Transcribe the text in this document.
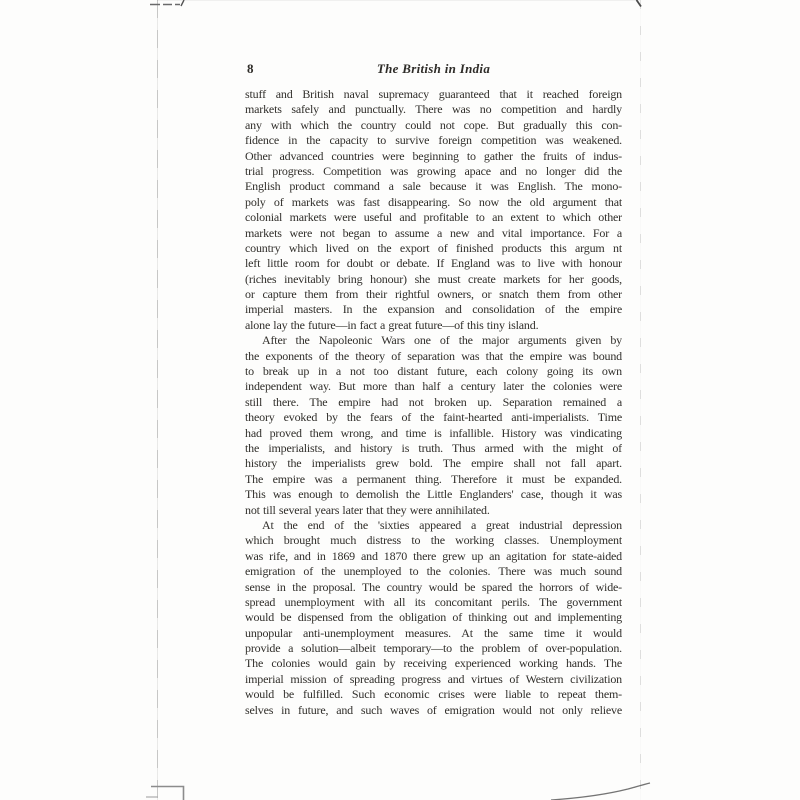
8	The British in India
stuff and British naval supremacy guaranteed that it reached foreign
markets safely and punctually. There was no competition and hardly
any with which the country could not cope. But gradually this con-
fidence in the capacity to survive foreign competition was weakened.
Other advanced countries were beginning to gather the fruits of indus-
trial progress. Competition was growing apace and no longer did the
English product command a sale because it was English. The mono-
poly of markets was fast disappearing. So now the old argument that
colonial markets were useful and profitable to an extent to which other
markets were not began to assume a new and vital importance. For a
country which lived on the export of finished products this argum nt
left little room for doubt or debate. If England was to live with honour
(riches inevitably bring honour) she must create markets for her goods,
or capture them from their rightful owners, or snatch them from other
imperial masters. In the expansion and consolidation of the empire
alone lay the future—in fact a great future—of this tiny island.
After the Napoleonic Wars one of the major arguments given by
the exponents of the theory of separation was that the empire was bound
to break up in a not too distant future, each colony going its own
independent way. But more than half a century later the colonies were
still there. The empire had not broken up. Separation remained a
theory evoked by the fears of the faint-hearted anti-imperialists. Time
had proved them wrong, and time is infallible. History was vindicating
the imperialists, and history is truth. Thus armed with the might of
history the imperialists grew bold. The empire shall not fall apart.
The empire was a permanent thing. Therefore it must be expanded.
This was enough to demolish the Little Englanders' case, though it was
not till several years later that they were annihilated.
At the end of the 'sixties appeared a great industrial depression
which brought much distress to the working classes. Unemployment
was rife, and in 1869 and 1870 there grew up an agitation for state-aided
emigration of the unemployed to the colonies. There was much sound
sense in the proposal. The country would be spared the horrors of wide-
spread unemployment with all its concomitant perils. The government
would be dispensed from the obligation of thinking out and implementing
unpopular anti-unemployment measures. At the same time it would
provide a solution—albeit temporary—to the problem of over-population.
The colonies would gain by receiving experienced working hands. The
imperial mission of spreading progress and virtues of Western civilization
would be fulfilled. Such economic crises were liable to repeat them-
selves in future, and such waves of emigration would not only relieve
